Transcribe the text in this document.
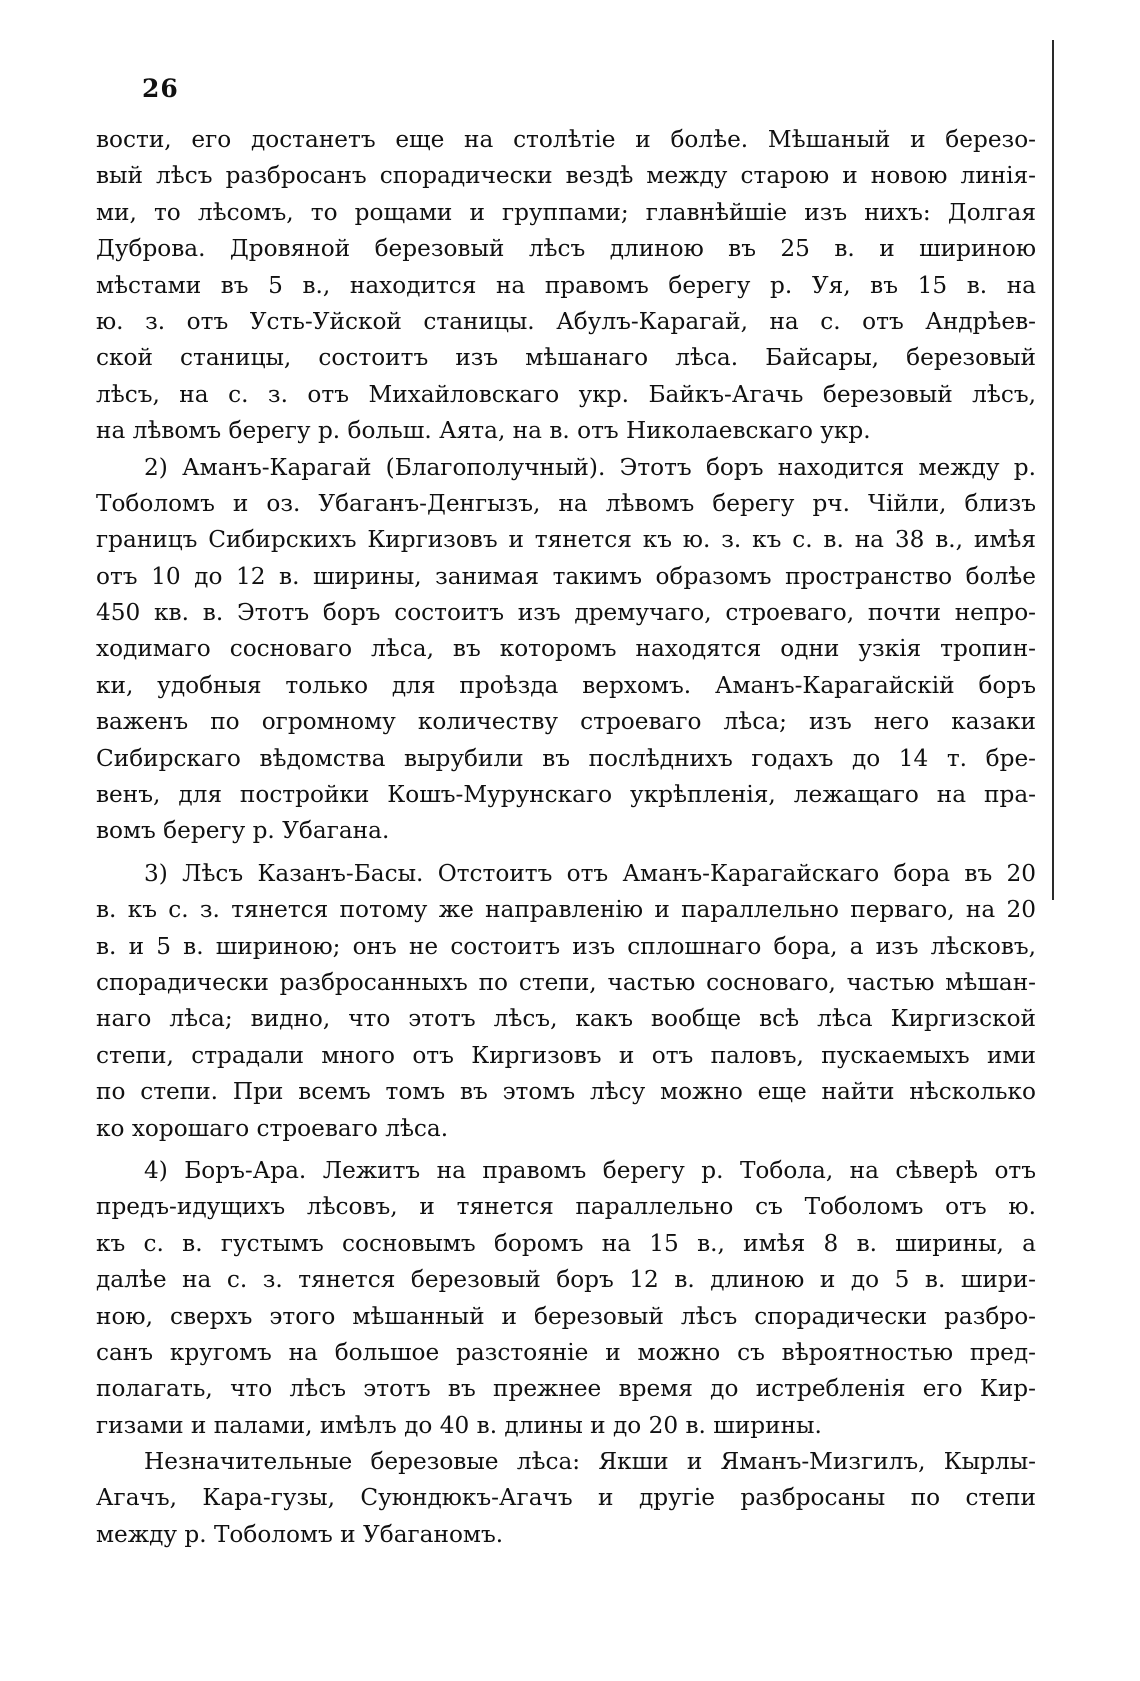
26
вости, его достанетъ еще на столѣтіе и болѣе. Мѣшаный и березо-
вый лѣсъ разбросанъ спорадически вездѣ между старою и новою линія-
ми, то лѣсомъ, то рощами и группами; главнѣйшіе изъ нихъ: Долгая
Дуброва. Дровяной березовый лѣсъ длиною въ 25 в. и шириною
мѣстами въ 5 в., находится на правомъ берегу р. Уя, въ 15 в. на
ю. з. отъ Усть-Уйской станицы. Абулъ-Карагай, на с. отъ Андрѣев-
ской станицы, состоитъ изъ мѣшанаго лѣса. Байсары, березовый
лѣсъ, на с. з. отъ Михайловскаго укр. Байкъ-Агачь березовый лѣсъ,
на лѣвомъ берегу р. больш. Аята, на в. отъ Николаевскаго укр.
2) Аманъ-Карагай (Благополучный). Этотъ боръ находится между р.
Тоболомъ и оз. Убаганъ-Денгызъ, на лѣвомъ берегу рч. Чійли, близъ
границъ Сибирскихъ Киргизовъ и тянется къ ю. з. къ с. в. на 38 в., имѣя
отъ 10 до 12 в. ширины, занимая такимъ образомъ пространство болѣе
450 кв. в. Этотъ боръ состоитъ изъ дремучаго, строеваго, почти непро-
ходимаго сосноваго лѣса, въ которомъ находятся одни узкія тропин-
ки, удобныя только для проѣзда верхомъ. Аманъ-Карагайскій боръ
важенъ по огромному количеству строеваго лѣса; изъ него казаки
Сибирскаго вѣдомства вырубили въ послѣднихъ годахъ до 14 т. бре-
венъ, для постройки Кошъ-Мурунскаго укрѣпленія, лежащаго на пра-
вомъ берегу р. Убагана.
3) Лѣсъ Казанъ-Басы. Отстоитъ отъ Аманъ-Карагайскаго бора въ 20
в. къ с. з. тянется потому же направленію и параллельно перваго, на 20
в. и 5 в. шириною; онъ не состоитъ изъ сплошнаго бора, а изъ лѣсковъ,
спорадически разбросанныхъ по степи, частью сосноваго, частью мѣшан-
наго лѣса; видно, что этотъ лѣсъ, какъ вообще всѣ лѣса Киргизской
степи, страдали много отъ Киргизовъ и отъ паловъ, пускаемыхъ ими
по степи. При всемъ томъ въ этомъ лѣсу можно еще найти нѣсколько
ко хорошаго строеваго лѣса.
4) Боръ-Ара. Лежитъ на правомъ берегу р. Тобола, на сѣверѣ отъ
предъ-идущихъ лѣсовъ, и тянется параллельно съ Тоболомъ отъ ю.
къ с. в. густымъ сосновымъ боромъ на 15 в., имѣя 8 в. ширины, а
далѣе на с. з. тянется березовый боръ 12 в. длиною и до 5 в. шири-
ною, сверхъ этого мѣшанный и березовый лѣсъ спорадически разбро-
санъ кругомъ на большое разстояніе и можно съ вѣроятностью пред-
полагать, что лѣсъ этотъ въ прежнее время до истребленія его Кир-
гизами и палами, имѣлъ до 40 в. длины и до 20 в. ширины.
Незначительные березовые лѣса: Якши и Яманъ-Мизгилъ, Кырлы-
Агачъ, Кара-гузы, Суюндюкъ-Агачъ и другіе разбросаны по степи
между р. Тоболомъ и Убаганомъ.
